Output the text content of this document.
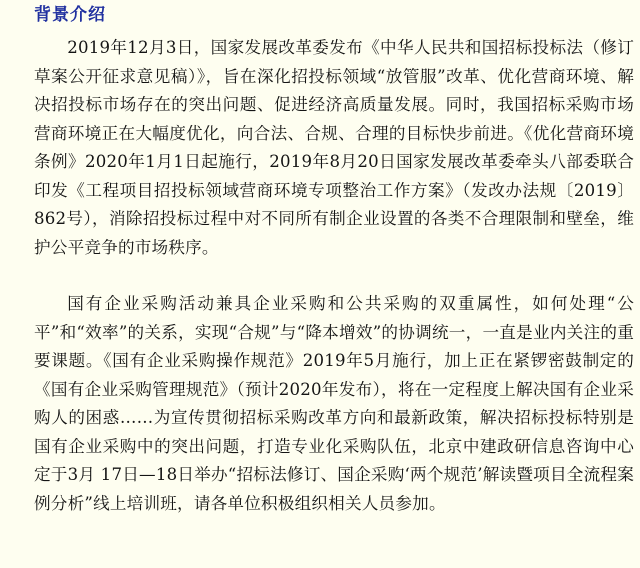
背景介绍

2019年12月3日，国家发展改革委发布《中华人民共和国招标投标法（修订草案公开征求意见稿）》，旨在深化招投标领域“放管服”改革、优化营商环境、解决招投标市场存在的突出问题、促进经济高质量发展。同时，我国招标采购市场营商环境正在大幅度优化，向合法、合规、合理的目标快步前进。《优化营商环境条例》2020年1月1日起施行，2019年8月20日国家发展改革委牵头八部委联合印发《工程项目招投标领域营商环境专项整治工作方案》（发改办法规〔2019〕862号），消除招投标过程中对不同所有制企业设置的各类不合理限制和壁垒，维护公平竞争的市场秩序。

国有企业采购活动兼具企业采购和公共采购的双重属性，如何处理“公平”和“效率”的关系，实现“合规”与“降本增效”的协调统一，一直是业内关注的重要课题。《国有企业采购操作规范》2019年5月施行，加上正在紧锣密鼓制定的《国有企业采购管理规范》（预计2020年发布），将在一定程度上解决国有企业采购人的困惑……为宣传贯彻招标采购改革方向和最新政策，解决招标投标特别是国有企业采购中的突出问题，打造专业化采购队伍，北京中建政研信息咨询中心定于3月 17日—18日举办“招标法修订、国企采购‘两个规范’解读暨项目全流程案例分析”线上培训班，请各单位积极组织相关人员参加。
